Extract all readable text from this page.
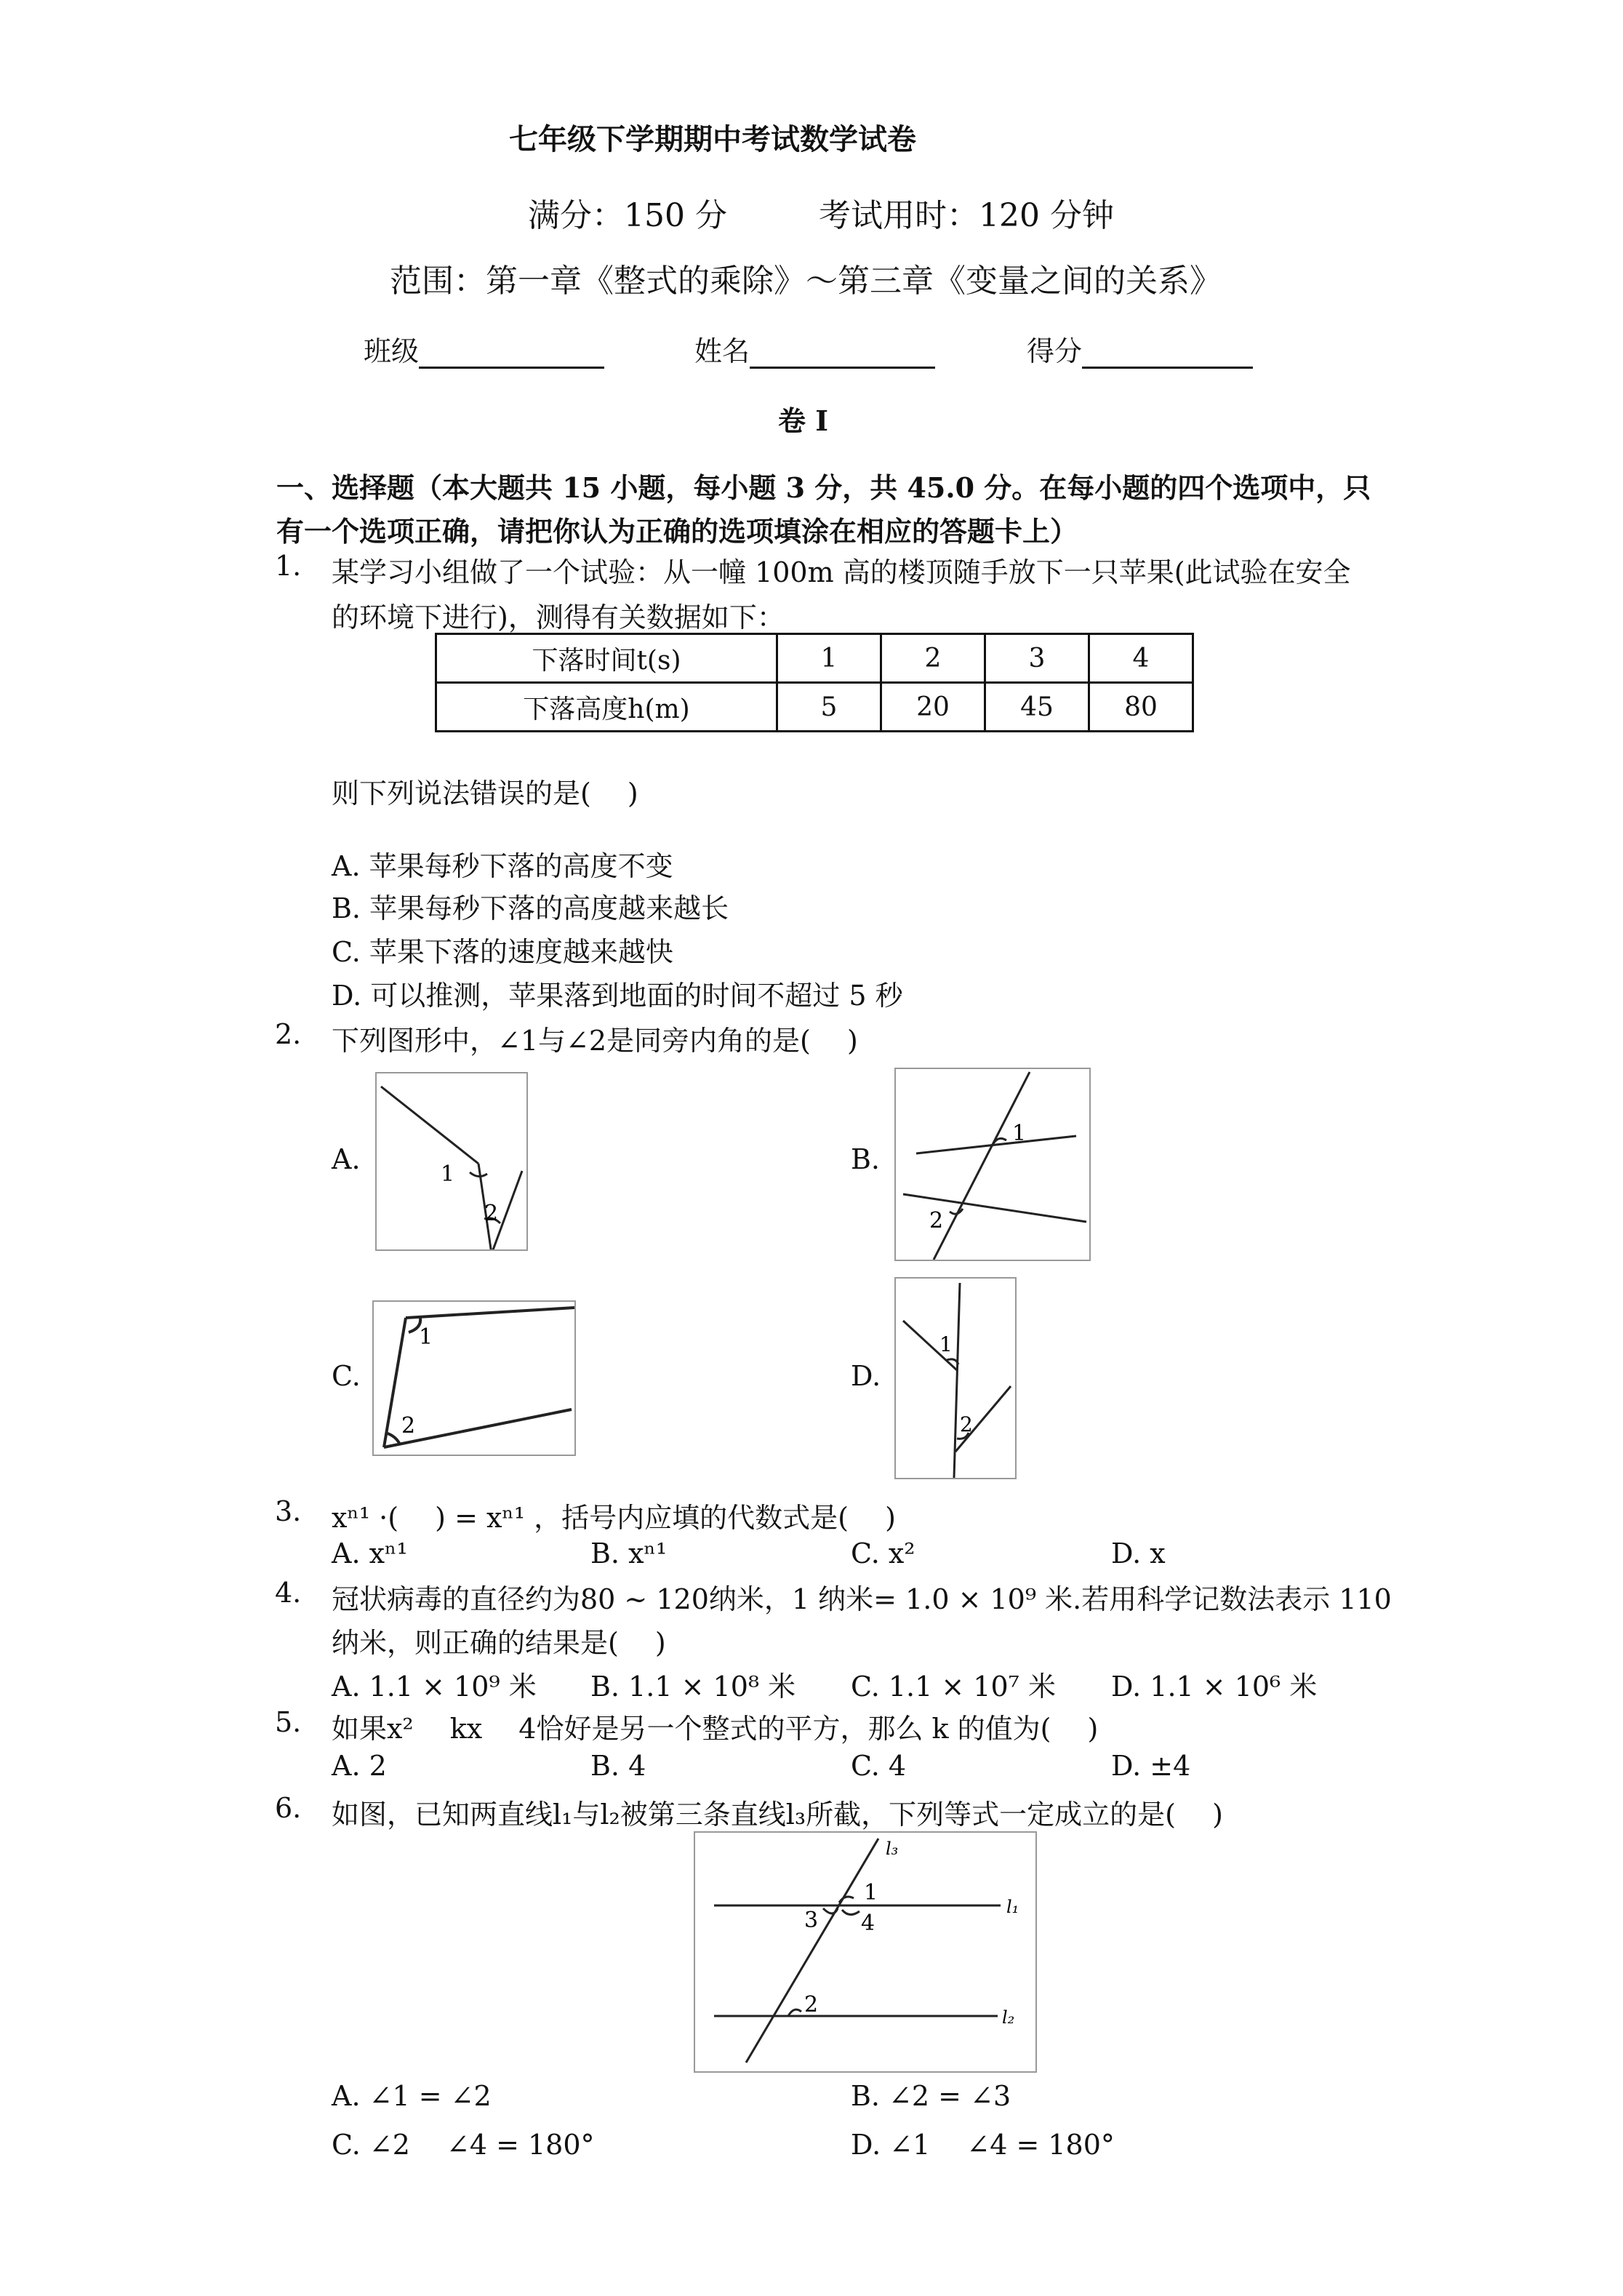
七年级下学期期中考试数学试卷
满分：150 分	考试用时：120 分钟
范围：第一章《整式的乘除》～第三章《变量之间的关系》
班级	姓名	得分
卷 I
一、选择题（本大题共 15 小题，每小题 3 分，共 45.0 分。在每小题的四个选项中，只
有一个选项正确，请把你认为正确的选项填涂在相应的答题卡上）
1. 某学习小组做了一个试验：从一幢 100m 高的楼顶随手放下一只苹果(此试验在安全
的环境下进行)，测得有关数据如下：
下落时间t(s)	1	2	3	4
下落高度h(m)	5	20	45	80
则下列说法错误的是(　 )
A. 苹果每秒下落的高度不变
B. 苹果每秒下落的高度越来越长
C. 苹果下落的速度越来越快
D. 可以推测，苹果落到地面的时间不超过 5 秒
2. 下列图形中，∠1与∠2是同旁内角的是(　 )
A.	1
2
B.
1
2
C.
1
2
D.
1
2
3. xⁿ¹ ·(　 ) = xⁿ¹ ，括号内应填的代数式是(　 )
A. xⁿ¹	B. xⁿ¹	C. x²	D. x
4. 冠状病毒的直径约为80 ~ 120纳米，1 纳米= 1.0 × 10⁹ 米.若用科学记数法表示 110
纳米，则正确的结果是(　 )
A. 1.1 × 10⁹ 米 B. 1.1 × 10⁸ 米 C. 1.1 × 10⁷ 米 D. 1.1 × 10⁶ 米
5. 如果x²　 kx　 4恰好是另一个整式的平方，那么 k 的值为(　 )
A. 2	B. 4	C. 4	D. ±4
6. 如图，已知两直线l₁与l₂被第三条直线l₃所截，下列等式一定成立的是(　 )
1
4
3
2
l₃
l₁
l₂
A. ∠1 = ∠2	B. ∠2 = ∠3
C. ∠2　 ∠4 = 180°	D. ∠1　 ∠4 = 180°
